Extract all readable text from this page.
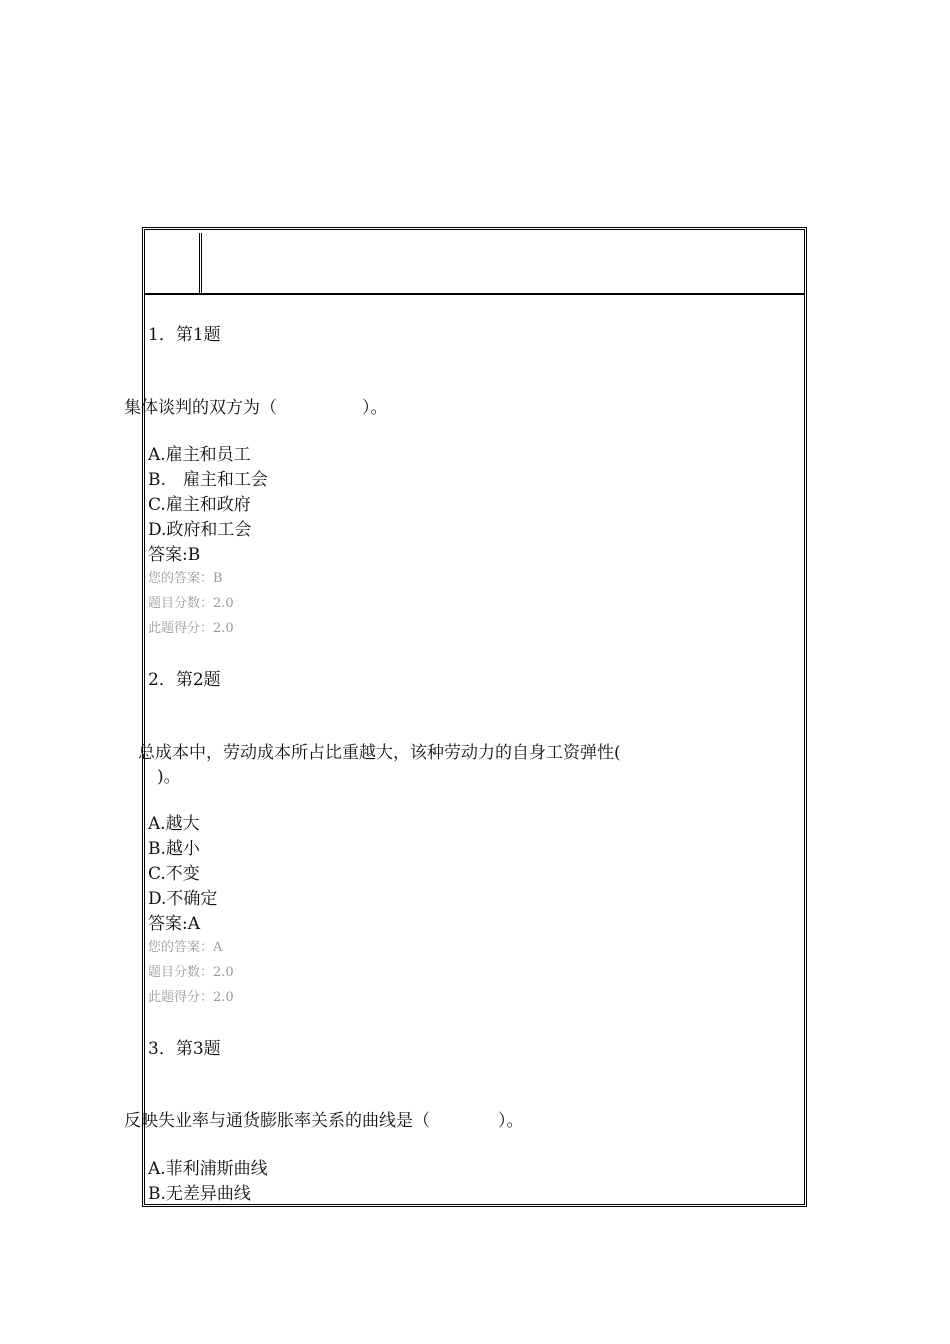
1．第1题
集体谈判的双方为（　　　　　）。
A.雇主和员工
B.　雇主和工会
C.雇主和政府
D.政府和工会
答案:B
您的答案：B
题目分数：2.0
此题得分：2.0
2．第2题
总成本中，劳动成本所占比重越大，该种劳动力的自身工资弹性(
)。
A.越大
B.越小
C.不变
D.不确定
答案:A
您的答案：A
题目分数：2.0
此题得分：2.0
3．第3题
反映失业率与通货膨胀率关系的曲线是（　　　　）。
A.菲利浦斯曲线
B.无差异曲线
